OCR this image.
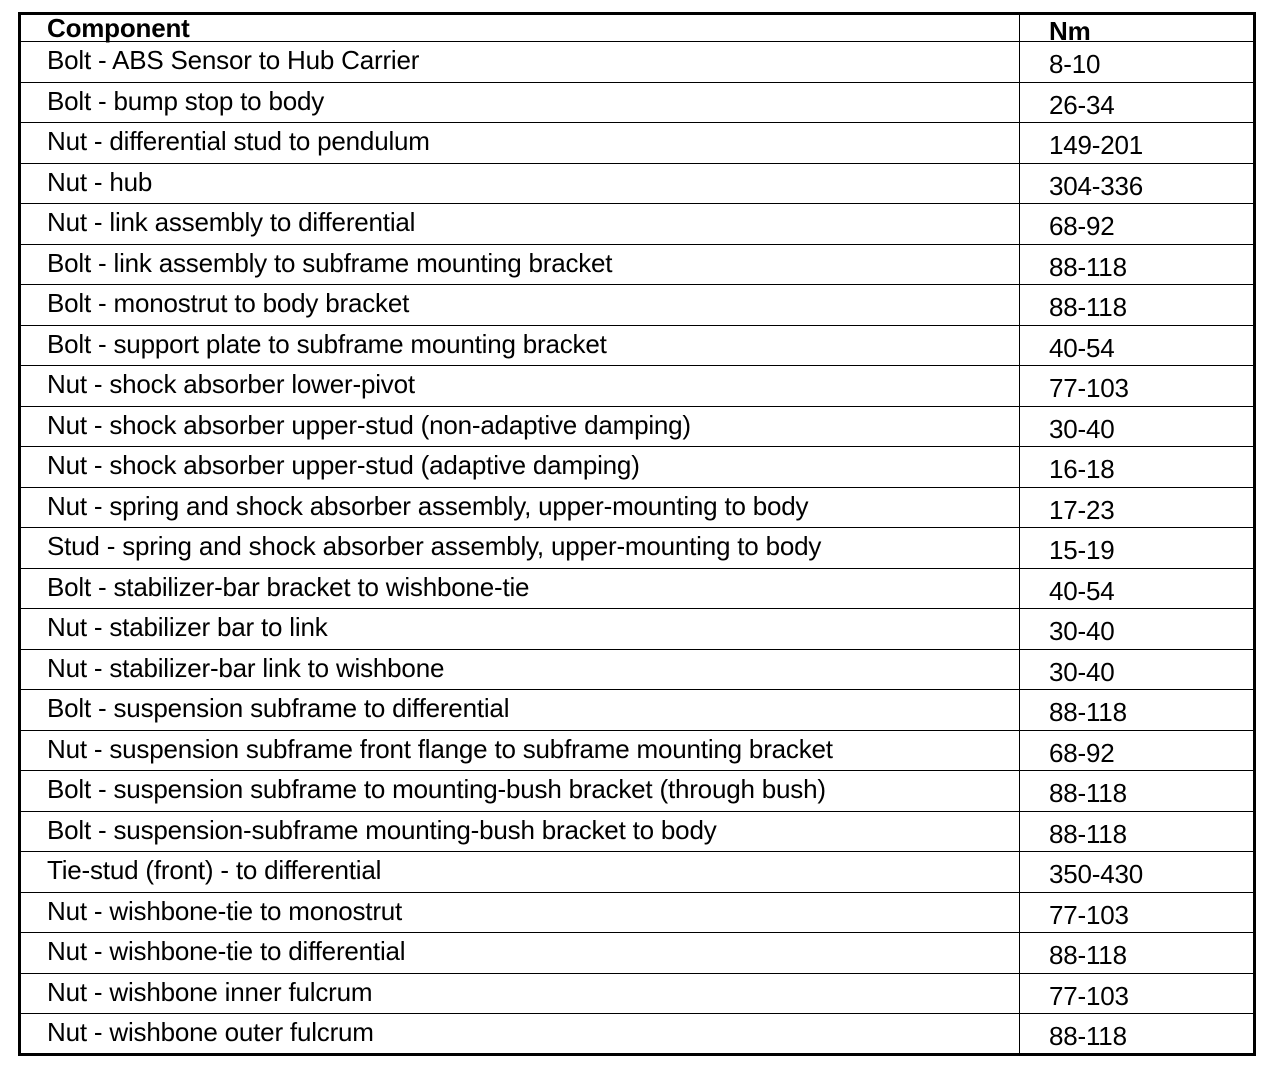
Component	Nm
Bolt - ABS Sensor to Hub Carrier	8-10
Bolt - bump stop to body	26-34
Nut - differential stud to pendulum	149-201
Nut - hub	304-336
Nut - link assembly to differential	68-92
Bolt - link assembly to subframe mounting bracket	88-118
Bolt - monostrut to body bracket	88-118
Bolt - support plate to subframe mounting bracket	40-54
Nut - shock absorber lower-pivot	77-103
Nut - shock absorber upper-stud (non-adaptive damping)	30-40
Nut - shock absorber upper-stud (adaptive damping)	16-18
Nut - spring and shock absorber assembly, upper-mounting to body	17-23
Stud - spring and shock absorber assembly, upper-mounting to body	15-19
Bolt - stabilizer-bar bracket to wishbone-tie	40-54
Nut - stabilizer bar to link	30-40
Nut - stabilizer-bar link to wishbone	30-40
Bolt - suspension subframe to differential	88-118
Nut - suspension subframe front flange to subframe mounting bracket	68-92
Bolt - suspension subframe to mounting-bush bracket (through bush)	88-118
Bolt - suspension-subframe mounting-bush bracket to body	88-118
Tie-stud (front) - to differential	350-430
Nut - wishbone-tie to monostrut	77-103
Nut - wishbone-tie to differential	88-118
Nut - wishbone inner fulcrum	77-103
Nut - wishbone outer fulcrum	88-118
